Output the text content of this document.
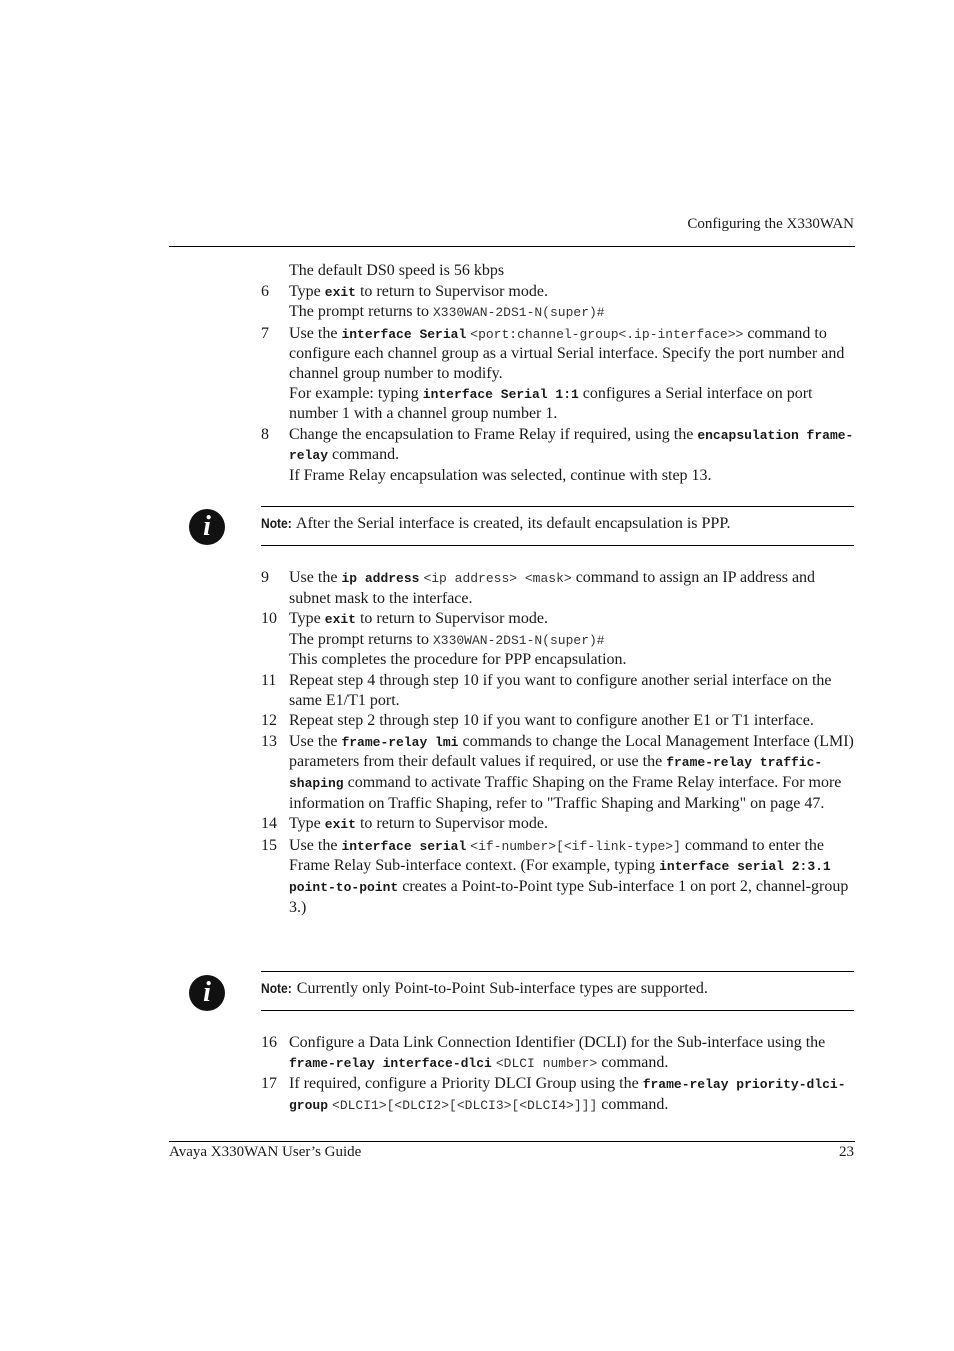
Configuring the X330WAN
The default DS0 speed is 56 kbps
6 Type exit to return to Supervisor mode.
The prompt returns to X330WAN-2DS1-N(super)#
7 Use the interface Serial <port:channel-group<.ip-interface>> command to configure each channel group as a virtual Serial interface. Specify the port number and channel group number to modify.
For example: typing interface Serial 1:1 configures a Serial interface on port number 1 with a channel group number 1.
8 Change the encapsulation to Frame Relay if required, using the encapsulation frame-relay command.
If Frame Relay encapsulation was selected, continue with step 13.
i	Note: After the Serial interface is created, its default encapsulation is PPP.
9 Use the ip address <ip address> <mask> command to assign an IP address and subnet mask to the interface.
10 Type exit to return to Supervisor mode.
The prompt returns to X330WAN-2DS1-N(super)#
This completes the procedure for PPP encapsulation.
11 Repeat step 4 through step 10 if you want to configure another serial interface on the same E1/T1 port.
12 Repeat step 2 through step 10 if you want to configure another E1 or T1 interface.
13 Use the frame-relay lmi commands to change the Local Management Interface (LMI) parameters from their default values if required, or use the frame-relay traffic-shaping command to activate Traffic Shaping on the Frame Relay interface. For more information on Traffic Shaping, refer to "Traffic Shaping and Marking" on page 47.
14 Type exit to return to Supervisor mode.
15 Use the interface serial <if-number>[<if-link-type>] command to enter the Frame Relay Sub-interface context. (For example, typing interface serial 2:3.1 point-to-point creates a Point-to-Point type Sub-interface 1 on port 2, channel-group 3.)
i	Note: Currently only Point-to-Point Sub-interface types are supported.
16 Configure a Data Link Connection Identifier (DCLI) for the Sub-interface using the frame-relay interface-dlci <DLCI number> command.
17 If required, configure a Priority DLCI Group using the frame-relay priority-dlci-group <DLCI1>[<DLCI2>[<DLCI3>[<DLCI4>]]] command.
Avaya X330WAN User’s Guide	23
